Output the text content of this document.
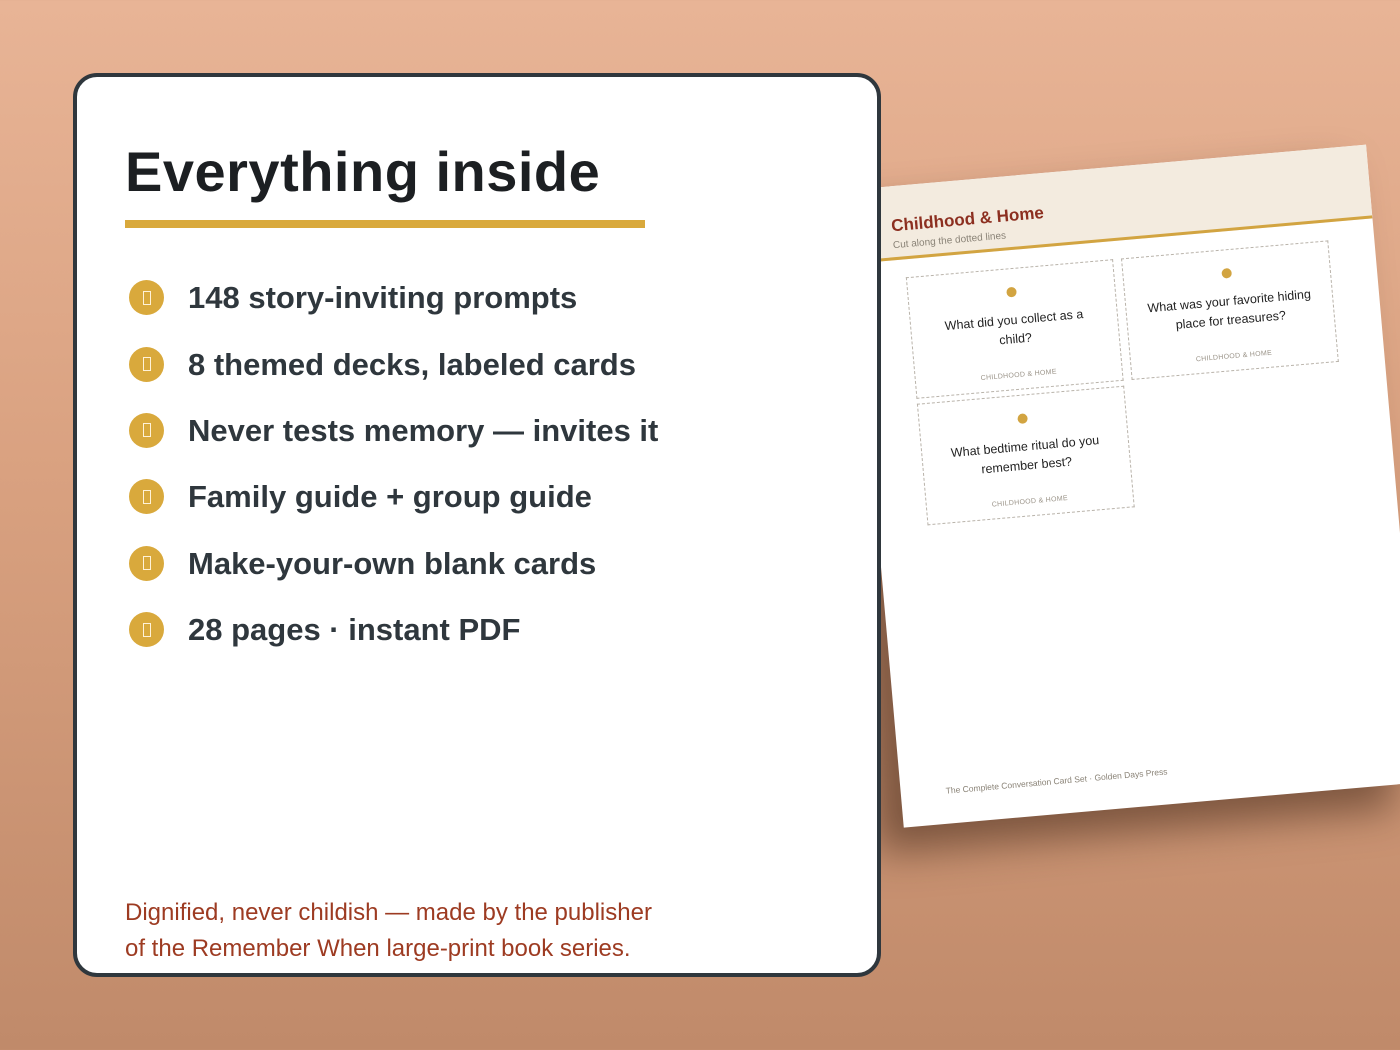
Childhood & Home
Cut along the dotted lines
What did you collect as a child?
CHILDHOOD & HOME
What was your favorite hiding place for treasures?
CHILDHOOD & HOME
What bedtime ritual do you remember best?
CHILDHOOD & HOME
The Complete Conversation Card Set · Golden Days Press
Everything inside
148 story-inviting prompts
8 themed decks, labeled cards
Never tests memory — invites it
Family guide + group guide
Make-your-own blank cards
28 pages · instant PDF

Dignified, never childish — made by the publisher
of the Remember When large-print book series.
